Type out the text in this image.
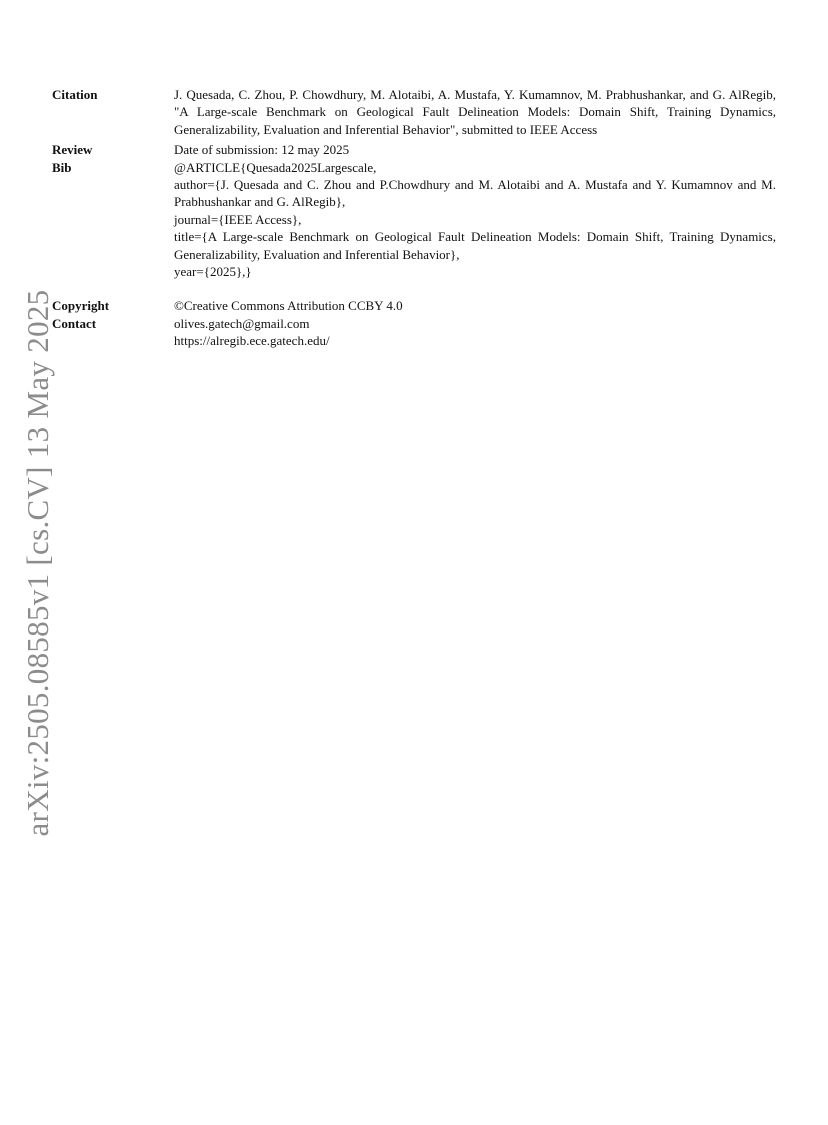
arXiv:2505.08585v1 [cs.CV] 13 May 2025
Citation	J. Quesada, C. Zhou, P. Chowdhury, M. Alotaibi, A. Mustafa, Y. Kumamnov, M. Prabhushankar, and G. AlRegib, "A Large-scale Benchmark on Geological Fault Delineation Models: Domain Shift, Training Dynamics, Generalizability, Evaluation and Inferential Behavior", submitted to IEEE Access
Review	Date of submission: 12 may 2025
Bib	@ARTICLE{Quesada2025Largescale,
author={J. Quesada and C. Zhou and P.Chowdhury and M. Alotaibi and A. Mustafa and Y. Kumamnov and M. Prabhushankar and G. AlRegib},
journal={IEEE Access},
title={A Large-scale Benchmark on Geological Fault Delineation Models: Domain Shift, Training Dynamics, Generalizability, Evaluation and Inferential Behavior},
year={2025},}
Copyright	©Creative Commons Attribution CCBY 4.0
Contact	olives.gatech@gmail.com
https://alregib.ece.gatech.edu/
